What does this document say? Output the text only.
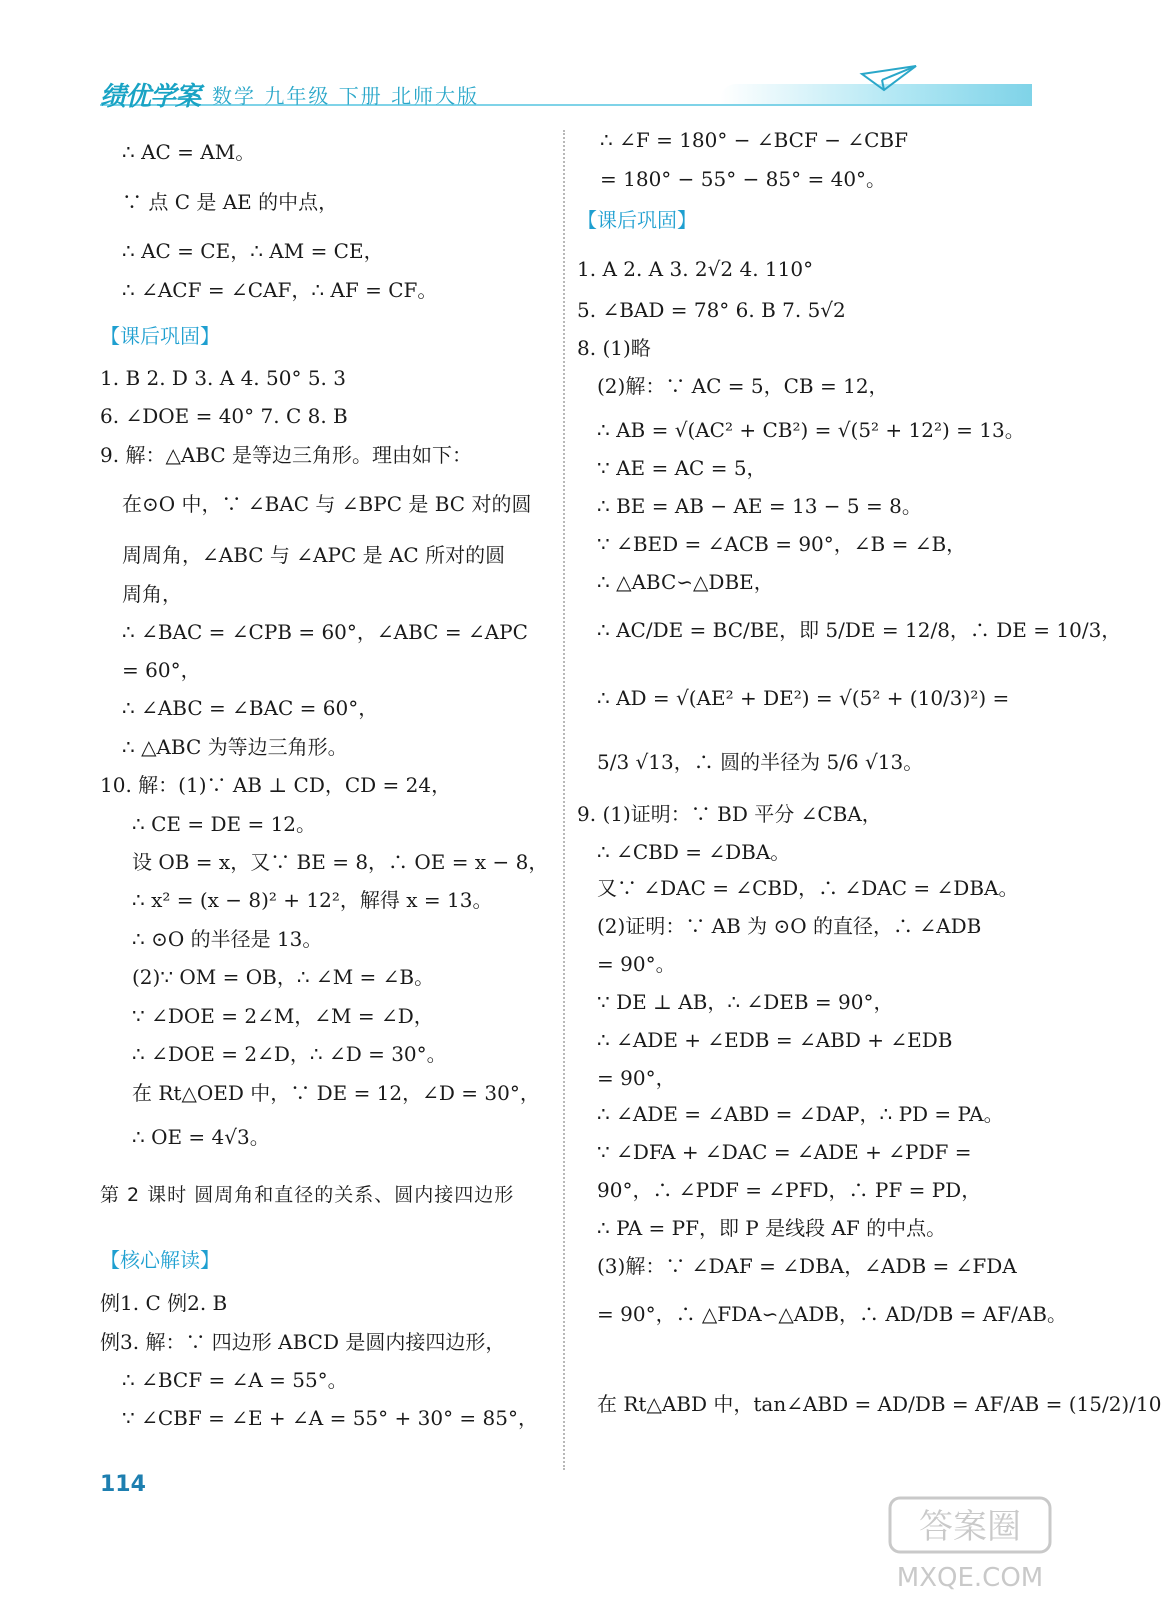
绩优学案 数学 九年级 下册 北师大版
∴ AC = AM。
∵ 点 C 是 AE 的中点，
∴ AC = CE，∴ AM = CE，
∴ ∠ACF = ∠CAF，∴ AF = CF。
【课后巩固】
1. B 2. D 3. A 4. 50° 5. 3
6. ∠DOE = 40° 7. C 8. B
9. 解：△ABC 是等边三角形。理由如下：
在⊙O 中，∵ ∠BAC 与 ∠BPC 是 BC 对的圆
周周角，∠ABC 与 ∠APC 是 AC 所对的圆
周角，
∴ ∠BAC = ∠CPB = 60°，∠ABC = ∠APC
= 60°，
∴ ∠ABC = ∠BAC = 60°，
∴ △ABC 为等边三角形。
10. 解：(1)∵ AB ⊥ CD，CD = 24，
∴ CE = DE = 12。
设 OB = x，又∵ BE = 8，∴ OE = x − 8，
∴ x² = (x − 8)² + 12²，解得 x = 13。
∴ ⊙O 的半径是 13。
(2)∵ OM = OB，∴ ∠M = ∠B。
∵ ∠DOE = 2∠M，∠M = ∠D，
∴ ∠DOE = 2∠D，∴ ∠D = 30°。
在 Rt△OED 中，∵ DE = 12，∠D = 30°，
∴ OE = 4√3。
第 2 课时 圆周角和直径的关系、圆内接四边形
【核心解读】
例1. C 例2. B
例3. 解：∵ 四边形 ABCD 是圆内接四边形，
∴ ∠BCF = ∠A = 55°。
∵ ∠CBF = ∠E + ∠A = 55° + 30° = 85°，
∴ ∠F = 180° − ∠BCF − ∠CBF
= 180° − 55° − 85° = 40°。
【课后巩固】
1. A 2. A 3. 2√2 4. 110°
5. ∠BAD = 78° 6. B 7. 5√2
8. (1)略
(2)解：∵ AC = 5，CB = 12，
∴ AB = √(AC² + CB²) = √(5² + 12²) = 13。
∵ AE = AC = 5，
∴ BE = AB − AE = 13 − 5 = 8。
∵ ∠BED = ∠ACB = 90°，∠B = ∠B，
∴ △ABC∽△DBE，
∴ AC/DE = BC/BE，即 5/DE = 12/8，∴ DE = 10/3，
∴ AD = √(AE² + DE²) = √(5² + (10/3)²) =
5/3 √13，∴ 圆的半径为 5/6 √13。
9. (1)证明：∵ BD 平分 ∠CBA，
∴ ∠CBD = ∠DBA。
又∵ ∠DAC = ∠CBD，∴ ∠DAC = ∠DBA。
(2)证明：∵ AB 为 ⊙O 的直径，∴ ∠ADB
= 90°。
∵ DE ⊥ AB，∴ ∠DEB = 90°，
∴ ∠ADE + ∠EDB = ∠ABD + ∠EDB
= 90°，
∴ ∠ADE = ∠ABD = ∠DAP，∴ PD = PA。
∵ ∠DFA + ∠DAC = ∠ADE + ∠PDF =
90°，∴ ∠PDF = ∠PFD，∴ PF = PD，
∴ PA = PF，即 P 是线段 AF 的中点。
(3)解：∵ ∠DAF = ∠DBA，∠ADB = ∠FDA
= 90°，∴ △FDA∽△ADB，∴ AD/DB = AF/AB。
在 Rt△ABD 中，tan∠ABD = AD/DB = AF/AB = (15/2)/10
114
答案圈
MXQE.COM
